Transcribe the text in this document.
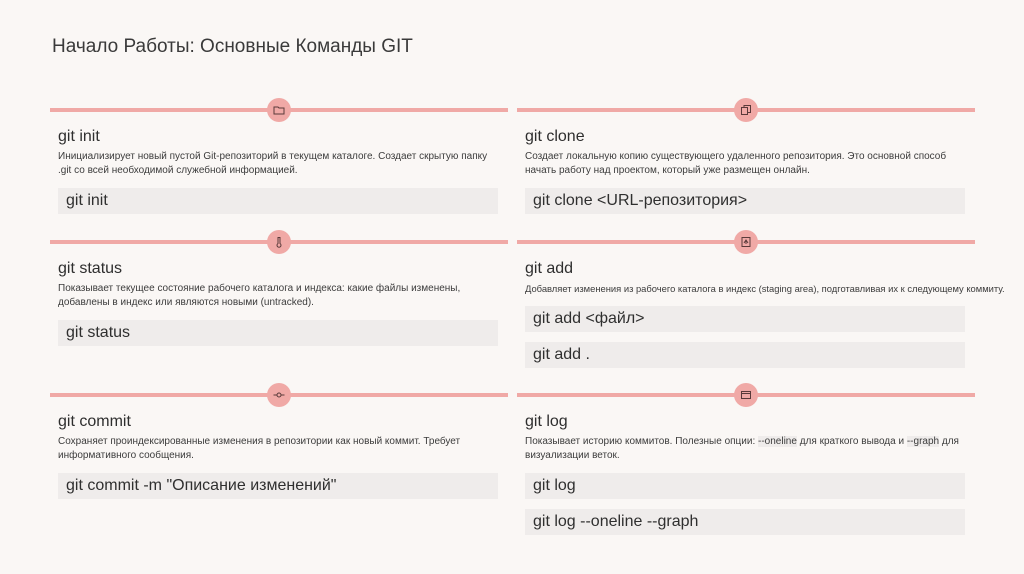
Начало Работы: Основные Команды GIT
git init
Инициализирует новый пустой Git-репозиторий в текущем каталоге. Создает скрытую папку .git со всей необходимой служебной информацией.
git init
git clone
Создает локальную копию существующего удаленного репозитория. Это основной способ начать работу над проектом, который уже размещен онлайн.
git clone <URL-репозитория>
git status
Показывает текущее состояние рабочего каталога и индекса: какие файлы изменены, добавлены в индекс или являются новыми (untracked).
git status
git add
Добавляет изменения из рабочего каталога в индекс (staging area), подготавливая их к следующему коммиту.
git add <файл>
git add .
git commit
Сохраняет проиндексированные изменения в репозитории как новый коммит. Требует информативного сообщения.
git commit -m "Описание изменений"
git log
Показывает историю коммитов. Полезные опции: --oneline для краткого вывода и --graph для визуализации веток.
git log
git log --oneline --graph
